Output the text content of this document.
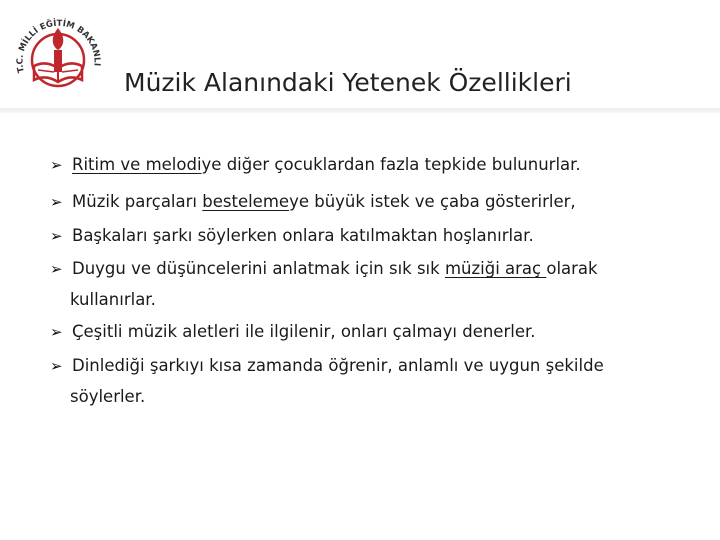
T.C. MİLLİ EĞİTİM BAKANLI
Müzik Alanındaki Yetenek Özellikleri
➢ Ritim ve melodiye diğer çocuklardan fazla tepkide bulunurlar.
➢ Müzik parçaları bestelemeye büyük istek ve çaba gösterirler,
➢ Başkaları şarkı söylerken onlara katılmaktan hoşlanırlar.
➢ Duygu ve düşüncelerini anlatmak için sık sık müziği araç olarak
kullanırlar.
➢ Çeşitli müzik aletleri ile ilgilenir, onları çalmayı denerler.
➢ Dinlediği şarkıyı kısa zamanda öğrenir, anlamlı ve uygun şekilde
söylerler.
